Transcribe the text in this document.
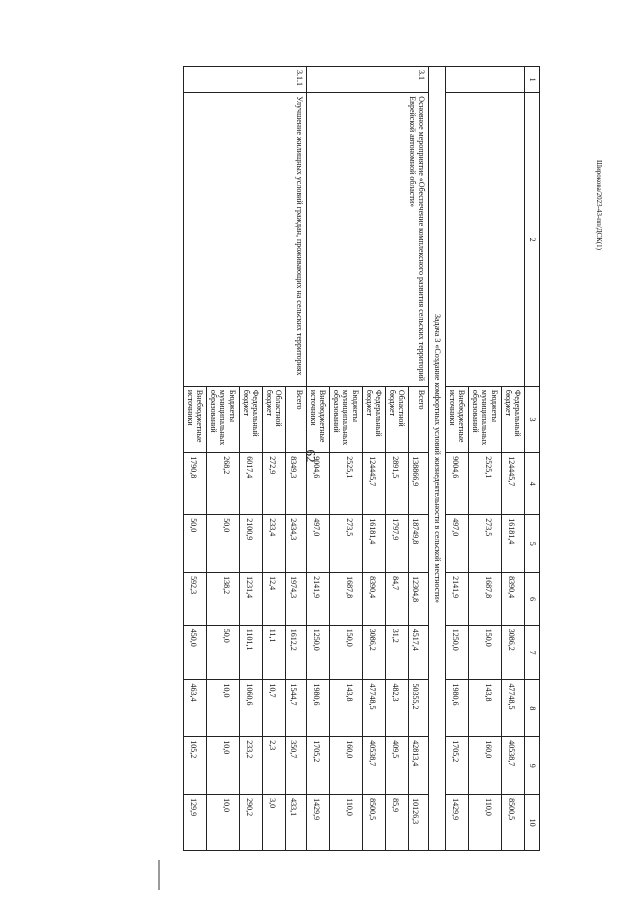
62
Широкова/2023-43-пп/ДСК(1)
1	2	3	4	5	6	7	8	9	10
		Федеральный бюджет	124445,7	16181,4	8390,4	3086,2	47748,5	40538,7	8500,5
		Бюджеты муниципальных образований	2525,1	273,5	1687,8	150,0	143,8	160,0	110,0
		Внебюджетные источники	9004,6	497,0	2141,9	1250,0	1980,6	1705,2	1429,9
Задача 3 «Создание комфортных условий жизнедеятельности в сельской местности»									
3.1	Основное мероприятие «Обеспечение комплексного развития сельских территорий Еврейской автономной области»	Всего	138866,9	18749,8	12304,8	4517,4	50355,2	42813,4	10126,3
		Областной бюджет	2891,5	1797,9	84,7	31,2	482,3	409,5	85,9
		Федеральный бюджет	124445,7	16181,4	8390,4	3086,2	47748,5	40538,7	8500,5
		Бюджеты муниципальных образований	2525,1	273,5	1687,8	150,0	143,8	160,0	110,0
		Внебюджетные источники	9004,6	497,0	2141,9	1250,0	1980,6	1705,2	1429,9
3.1.1	Улучшение жилищных условий граждан, проживающих на сельских территориях	Всего	8349,3	2434,3	1974,3	1612,2	1544,7	350,7	433,1
		Областной бюджет	272,9	233,4	12,4	11,1	10,7	2,3	3,0
		Федеральный бюджет	6017,4	2100,9	1231,4	1101,1	1060,6	233,2	290,2
		Бюджеты муниципальных образований	268,2	50,0	138,2	50,0	10,0	10,0	10,0
		Внебюджетные источники	1790,8	50,0	592,3	450,0	463,4	105,2	129,9
